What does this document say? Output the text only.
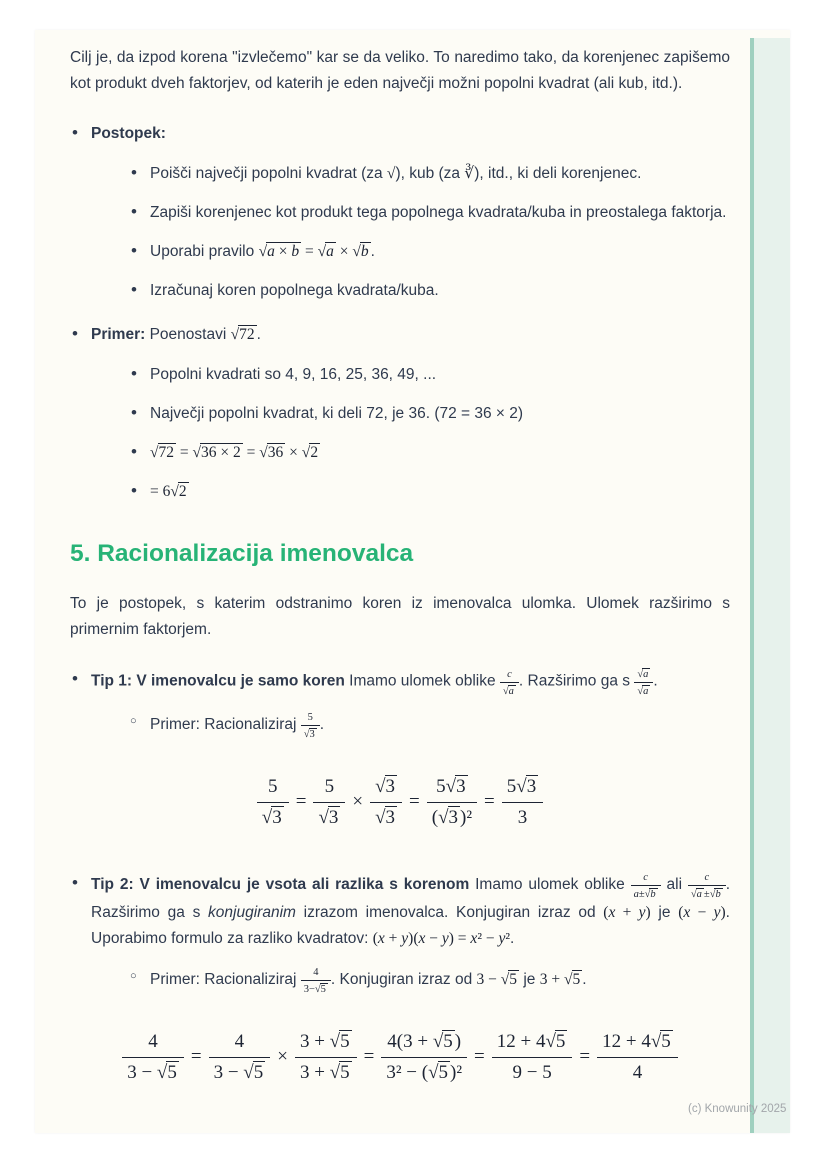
Cilj je, da izpod korena "izvlečemo" kar se da veliko. To naredimo tako, da korenjenec zapišemo kot produkt dveh faktorjev, od katerih je eden največji možni popolni kvadrat (ali kub, itd.).

• Postopek:
• Poišči največji popolni kvadrat (za √), kub (za ∛), itd., ki deli korenjenec.
• Zapiši korenjenec kot produkt tega popolnega kvadrata/kuba in preostalega faktorja.
• Uporabi pravilo √a × b = √a × √b .
• Izračunaj koren popolnega kvadrata/kuba.
• Primer: Poenostavi √72 .
• Popolni kvadrati so 4, 9, 16, 25, 36, 49, ...
• Največji popolni kvadrat, ki deli 72, je 36. (72 = 36 × 2)
• √72 = √36 × 2 = √36 × √2
• = 6√2
5. Racionalizacija imenovalca

To je postopek, s katerim odstranimo koren iz imenovalca ulomka. Ulomek razširimo s primernim faktorjem.

• Tip 1: V imenovalcu je samo koren Imamo ulomek oblike $\frac{c}{√a}$ . Razširimo ga s $\frac{√a}{√a}$ .
○ Primer: Racionaliziraj $\frac{5}{√3}$ .
$\frac{5}{√3} = \frac{5}{√3} \times \frac{√3}{√3} = \frac{5√3}{\text{(√3 )²}} = \frac{5√3}{3}$
• Tip 2: V imenovalcu je vsota ali razlika s korenom Imamo ulomek oblike $\frac{c}{a\pm√b}$ ali $\frac{c}{√a \pm√b}$ . Razširimo ga s konjugiranim izrazom imenovalca. Konjugiran izraz od (x + y) je (x − y). Uporabimo formulo za razliko kvadratov: (x + y)(x − y) = x² − y².
○ Primer: Racionaliziraj $\frac{4}{3-√5}$ . Konjugiran izraz od 3 − √5 je 3 + √5 .
$\frac{4}{3 - √5} = \frac{4}{3 - √5} \times \frac{3 + √5}{3 + √5} = \frac{4(3 + √5 )}{\text{3² − (√5 )²}} = \frac{12 + 4√5}{9 - 5} = \frac{12 + 4√5}{4}$
(c) Knowunity 2025
